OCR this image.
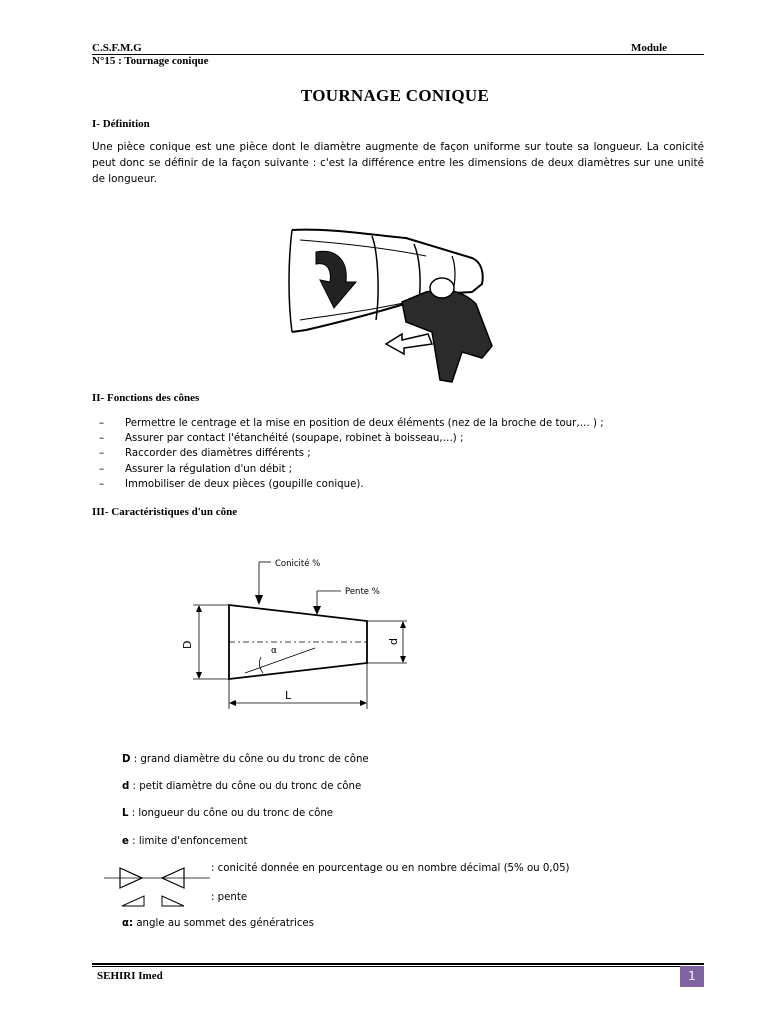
C.S.F.M.G	Module
N°15 : Tournage conique
TOURNAGE CONIQUE
I- Définition
Une pièce conique est une pièce dont le diamètre augmente de façon uniforme sur toute sa longueur. La conicité peut donc se définir de la façon suivante : c'est la différence entre les dimensions de deux diamètres sur une unité de longueur.
II- Fonctions des cônes
– Permettre le centrage et la mise en position de deux éléments (nez de la broche de tour,… ) ;
– Assurer par contact l'étanchéité (soupape, robinet à boisseau,…) ;
– Raccorder des diamètres différents ;
– Assurer la régulation d'un débit ;
– Immobiliser de deux pièces (goupille conique).
III- Caractéristiques d'un cône
α
D	d
L
Conicité %
Pente %
D : grand diamètre du cône ou du tronc de cône
d : petit diamètre du cône ou du tronc de cône
L : longueur du cône ou du tronc de cône
e : limite d'enfoncement
: conicité donnée en pourcentage ou en nombre décimal (5% ou 0,05)
: pente
α: angle au sommet des génératrices
SEHIRI Imed	1
